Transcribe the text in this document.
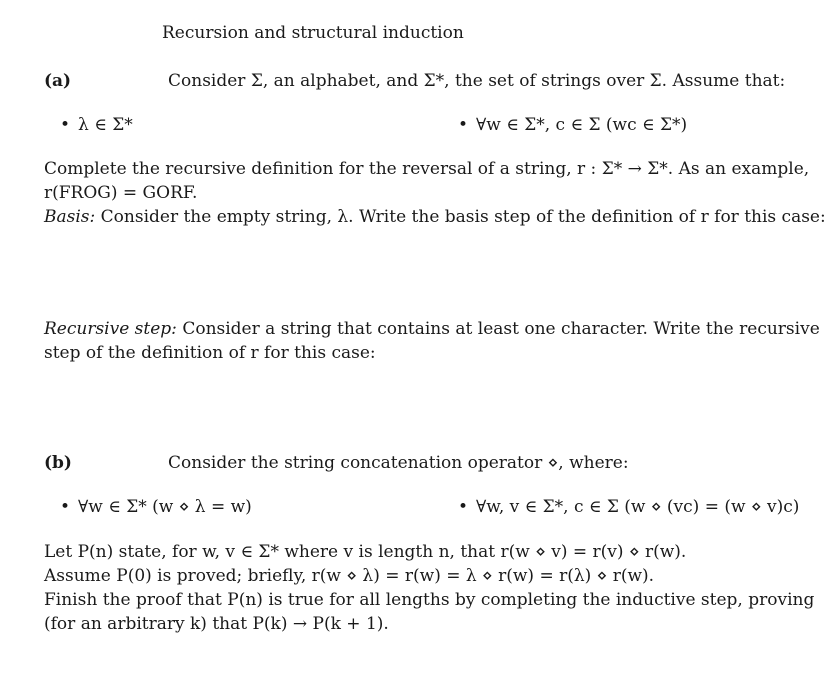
Recursion and structural induction
(a)	Consider Σ, an alphabet, and Σ*, the set of strings over Σ. Assume that:
• λ ∈ Σ*	• ∀w ∈ Σ*, c ∈ Σ (wc ∈ Σ*)
Complete the recursive definition for the reversal of a string, r : Σ* → Σ*. As an example,
r(FROG) = GORF.
Basis: Consider the empty string, λ. Write the basis step of the definition of r for this case:
Recursive step: Consider a string that contains at least one character. Write the recursive
step of the definition of r for this case:
(b)	Consider the string concatenation operator ⋄, where:
• ∀w ∈ Σ* (w ⋄ λ = w)	• ∀w, v ∈ Σ*, c ∈ Σ (w ⋄ (vc) = (w ⋄ v)c)
Let P(n) state, for w, v ∈ Σ* where v is length n, that r(w ⋄ v) = r(v) ⋄ r(w).
Assume P(0) is proved; briefly, r(w ⋄ λ) = r(w) = λ ⋄ r(w) = r(λ) ⋄ r(w).
Finish the proof that P(n) is true for all lengths by completing the inductive step, proving
(for an arbitrary k) that P(k) → P(k + 1).
